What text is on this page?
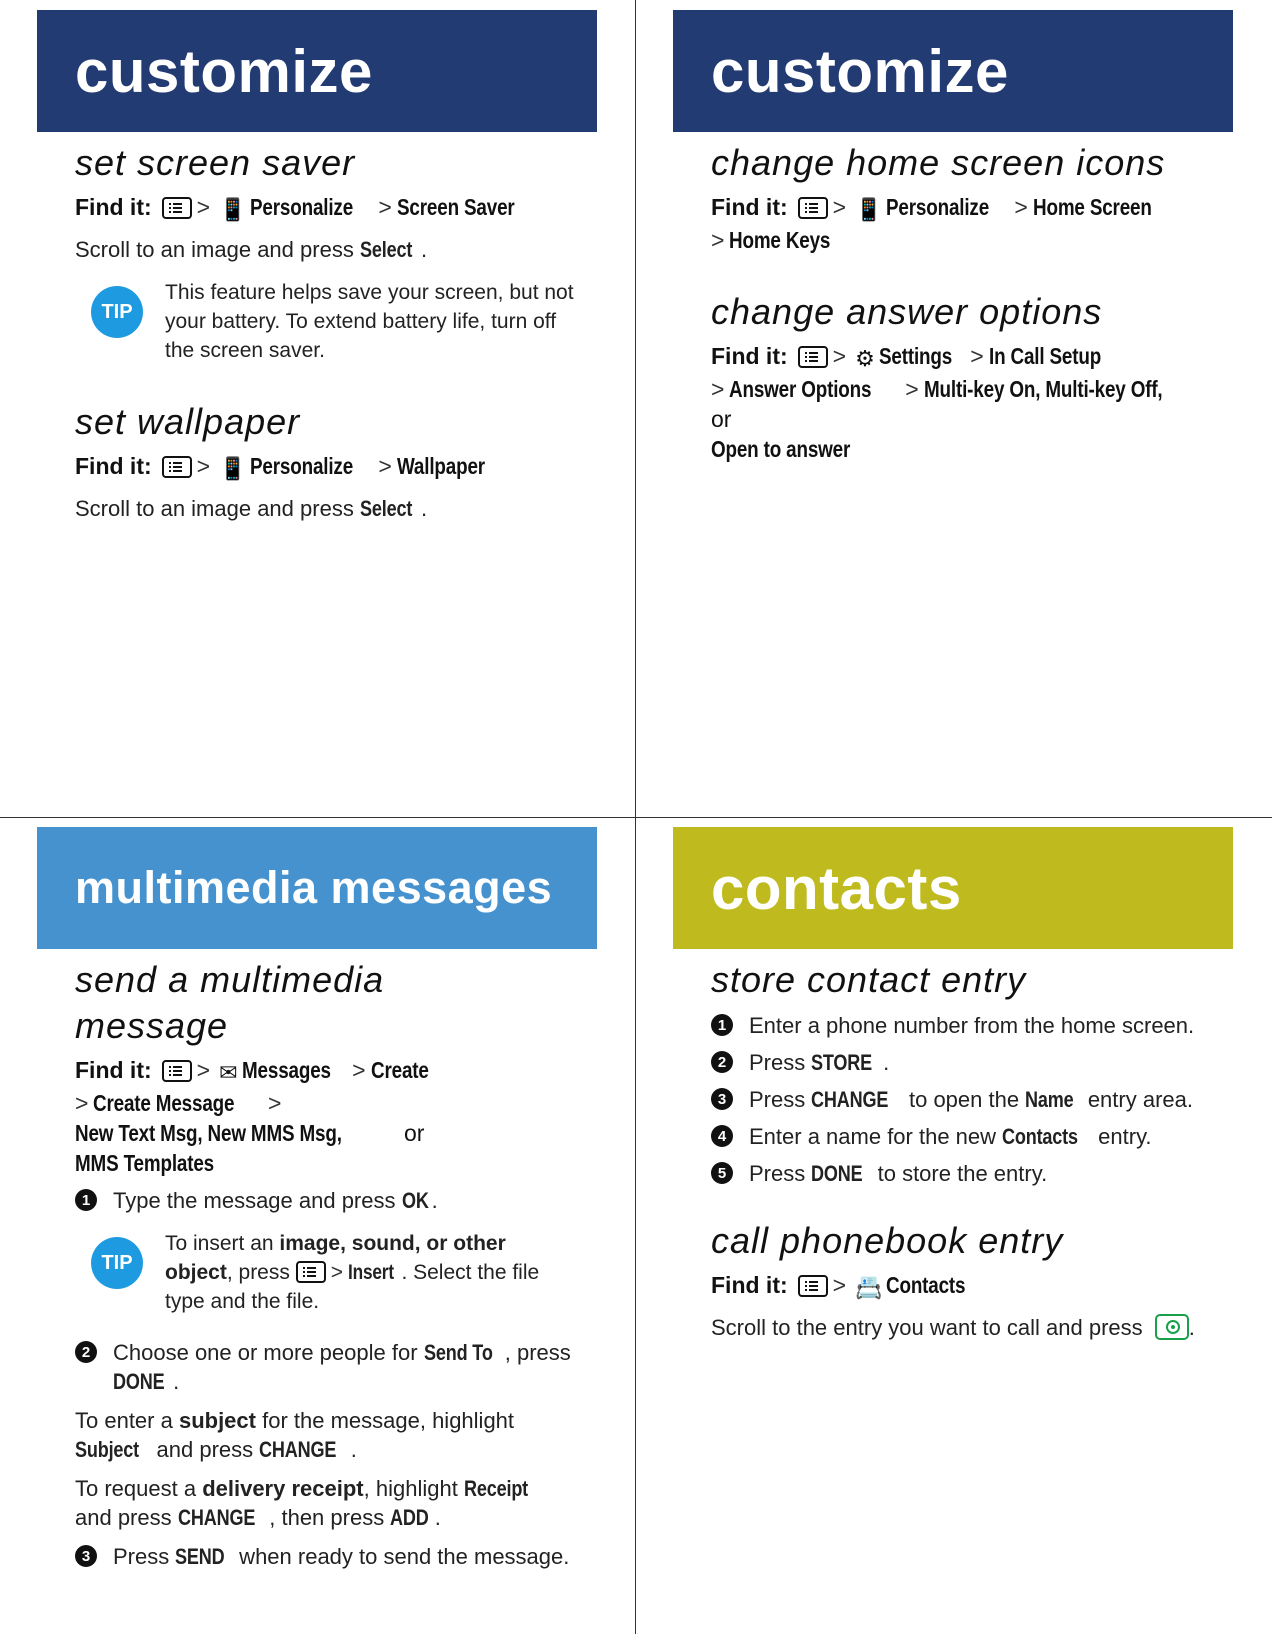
customize
set screen saver
Find it: > 📱 Personalize > Screen Saver

Scroll to an image and press Select .

TIP
This feature helps save your screen, but not your battery. To extend battery life, turn off the screen saver.
set wallpaper
Find it: > 📱 Personalize > Wallpaper

Scroll to an image and press Select .

customize
change home screen icons
Find it: > 📱 Personalize > Home Screen
> Home Keys
change answer options
Find it: > ⚙ Settings > In Call Setup
> Answer Options > Multi-key On, Multi-key Off, or
Open to answer
multimedia messages
send a multimedia
message
Find it: > ✉ Messages > Create
> Create Message >New Text Msg, New MMS Msg,	or
MMS Templates
1	Type the message and press OK .
TIP
To insert an image, sound, or other object, press > Insert . Select the file type and the file.
2	Choose one or more people for Send To , press DONE .

To enter a subject for the message, highlight Subject and press CHANGE .

To request a delivery receipt, highlight Receipt and press CHANGE , then press ADD .

3	Press SEND when ready to send the message.
contacts
store contact entry
1	Enter a phone number from the home screen.
2	Press STORE .
3	Press CHANGE to open the Name entry area.
4	Enter a name for the new Contacts entry.
5	Press DONE to store the entry.
call phonebook entry
Find it: > 📇 Contacts

Scroll to the entry you want to call and press .
